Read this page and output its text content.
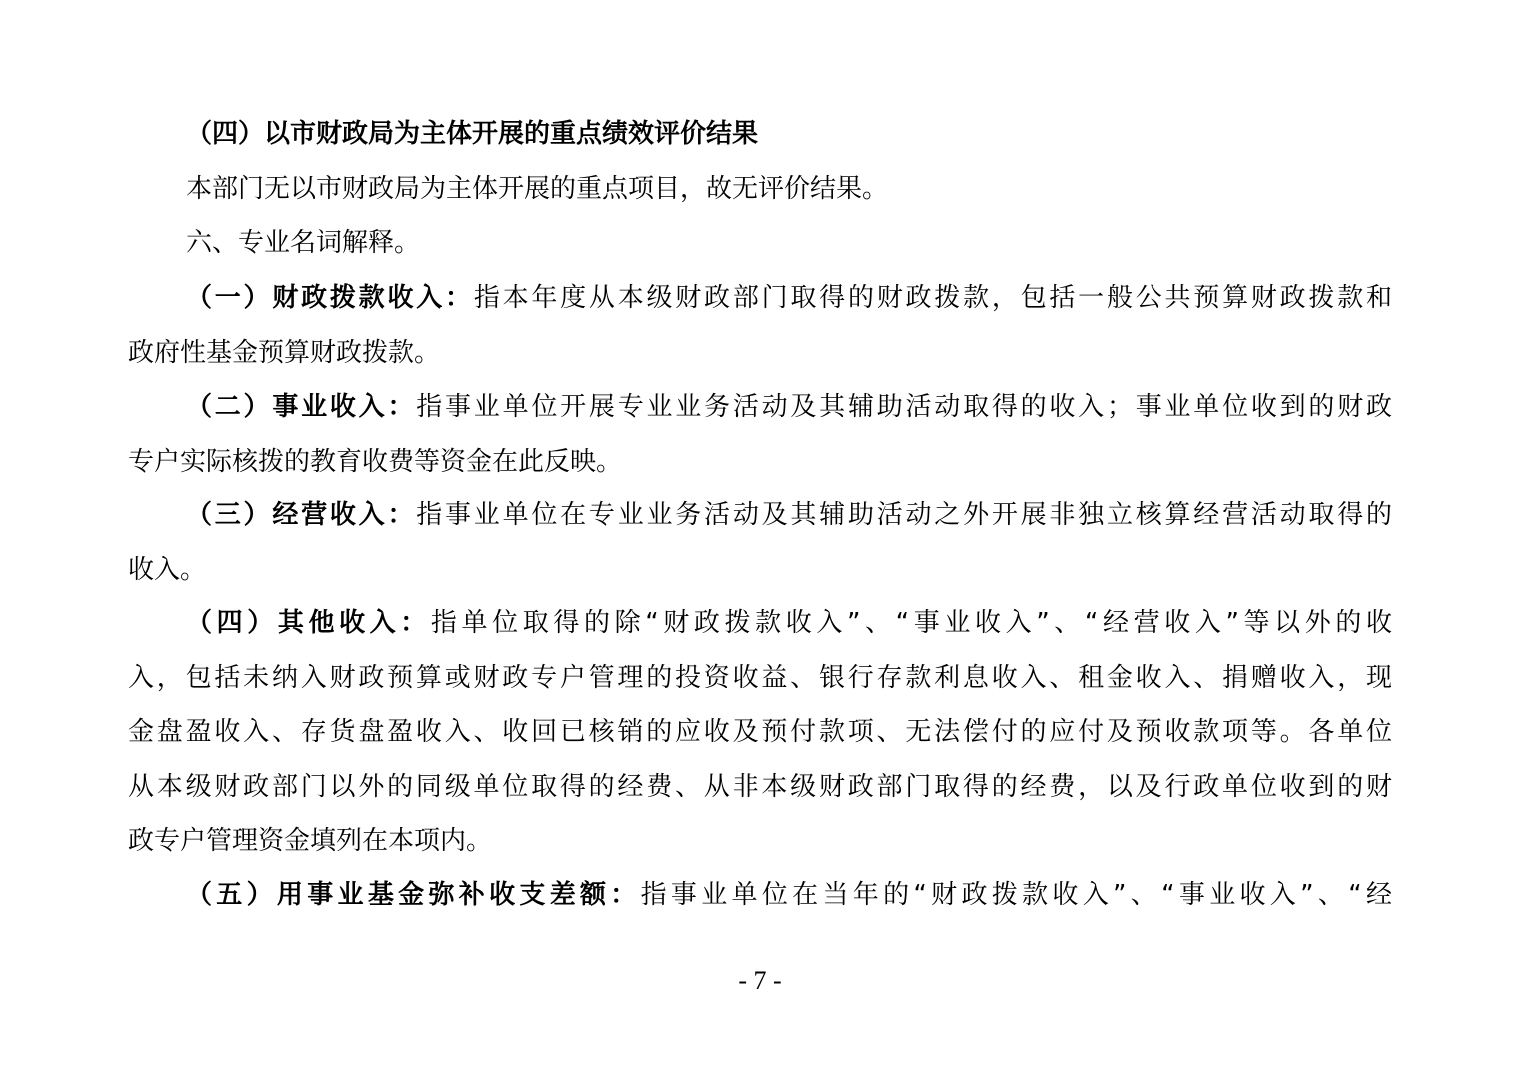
（四）以市财政局为主体开展的重点绩效评价结果
本部门无以市财政局为主体开展的重点项目，故无评价结果。
六、专业名词解释。
（一）财政拨款收入：指本年度从本级财政部门取得的财政拨款，包括一般公共预算财政拨款和
政府性基金预算财政拨款。
（二）事业收入：指事业单位开展专业业务活动及其辅助活动取得的收入；事业单位收到的财政
专户实际核拨的教育收费等资金在此反映。
（三）经营收入：指事业单位在专业业务活动及其辅助活动之外开展非独立核算经营活动取得的
收入。
（四）其他收入：指单位取得的除“财政拨款收入”、“事业收入”、“经营收入”等以外的收
入，包括未纳入财政预算或财政专户管理的投资收益、银行存款利息收入、租金收入、捐赠收入，现
金盘盈收入、存货盘盈收入、收回已核销的应收及预付款项、无法偿付的应付及预收款项等。各单位
从本级财政部门以外的同级单位取得的经费、从非本级财政部门取得的经费，以及行政单位收到的财
政专户管理资金填列在本项内。
（五）用事业基金弥补收支差额：指事业单位在当年的“财政拨款收入”、“事业收入”、“经
- 7 -
